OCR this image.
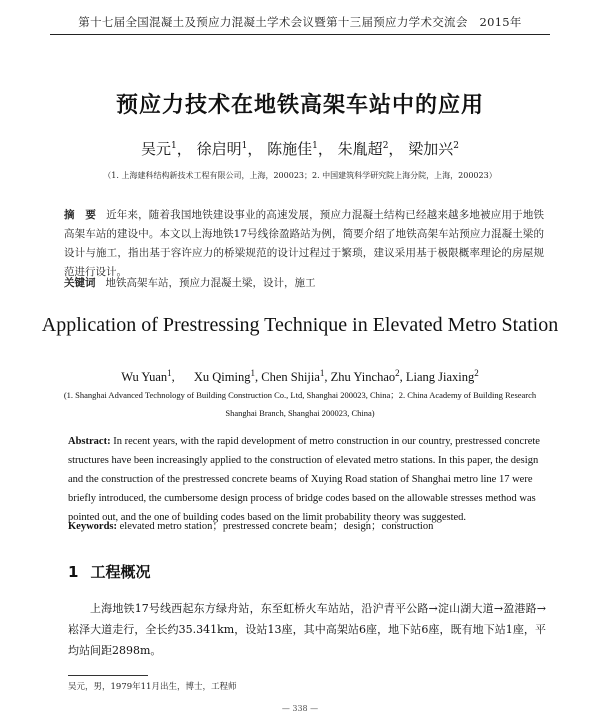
第十七届全国混凝土及预应力混凝土学术会议暨第十三届预应力学术交流会　2015年
预应力技术在地铁高架车站中的应用
吴元$^1$， 徐启明$^1$， 陈施佳$^1$， 朱胤超$^2$， 梁加兴$^2$
（1. 上海建科结构新技术工程有限公司，上海，200023；2. 中国建筑科学研究院上海分院，上海，200023）
摘　要 近年来，随着我国地铁建设事业的高速发展，预应力混凝土结构已经越来越多地被应用于地铁高架车站的建设中。本文以上海地铁17号线徐盈路站为例，简要介绍了地铁高架车站预应力混凝土梁的设计与施工，指出基于容许应力的桥梁规范的设计过程过于繁琐，建议采用基于极限概率理论的房屋规范进行设计。
关键词 地铁高架车站，预应力混凝土梁，设计，施工
Application of Prestressing Technique in Elevated Metro Station
Wu Yuan$^1$, Xu Qiming$^1$, Chen Shijia$^1$, Zhu Yinchao$^2$, Liang Jiaxing$^2$
(1. Shanghai Advanced Technology of Building Construction Co., Ltd, Shanghai 200023, China；2. China Academy of Building Research Shanghai Branch, Shanghai 200023, China)
Abstract: In recent years, with the rapid development of metro construction in our country, prestressed concrete structures have been increasingly applied to the construction of elevated metro stations. In this paper, the design and the construction of the prestressed concrete beams of Xuying Road station of Shanghai metro line 17 were briefly introduced, the cumbersome design process of bridge codes based on the allowable stresses method was pointed out, and the one of building codes based on the limit probability theory was suggested.
Keywords: elevated metro station；prestressed concrete beam；design；construction
1 工程概况
上海地铁17号线西起东方绿舟站，东至虹桥火车站站，沿沪青平公路→淀山湖大道→盈港路→崧泽大道走行，全长约35.341km，设站13座，其中高架站6座，地下站6座，既有地下站1座，平均站间距2898m。
吴元，男，1979年11月出生，博士，工程师
— 338 —
